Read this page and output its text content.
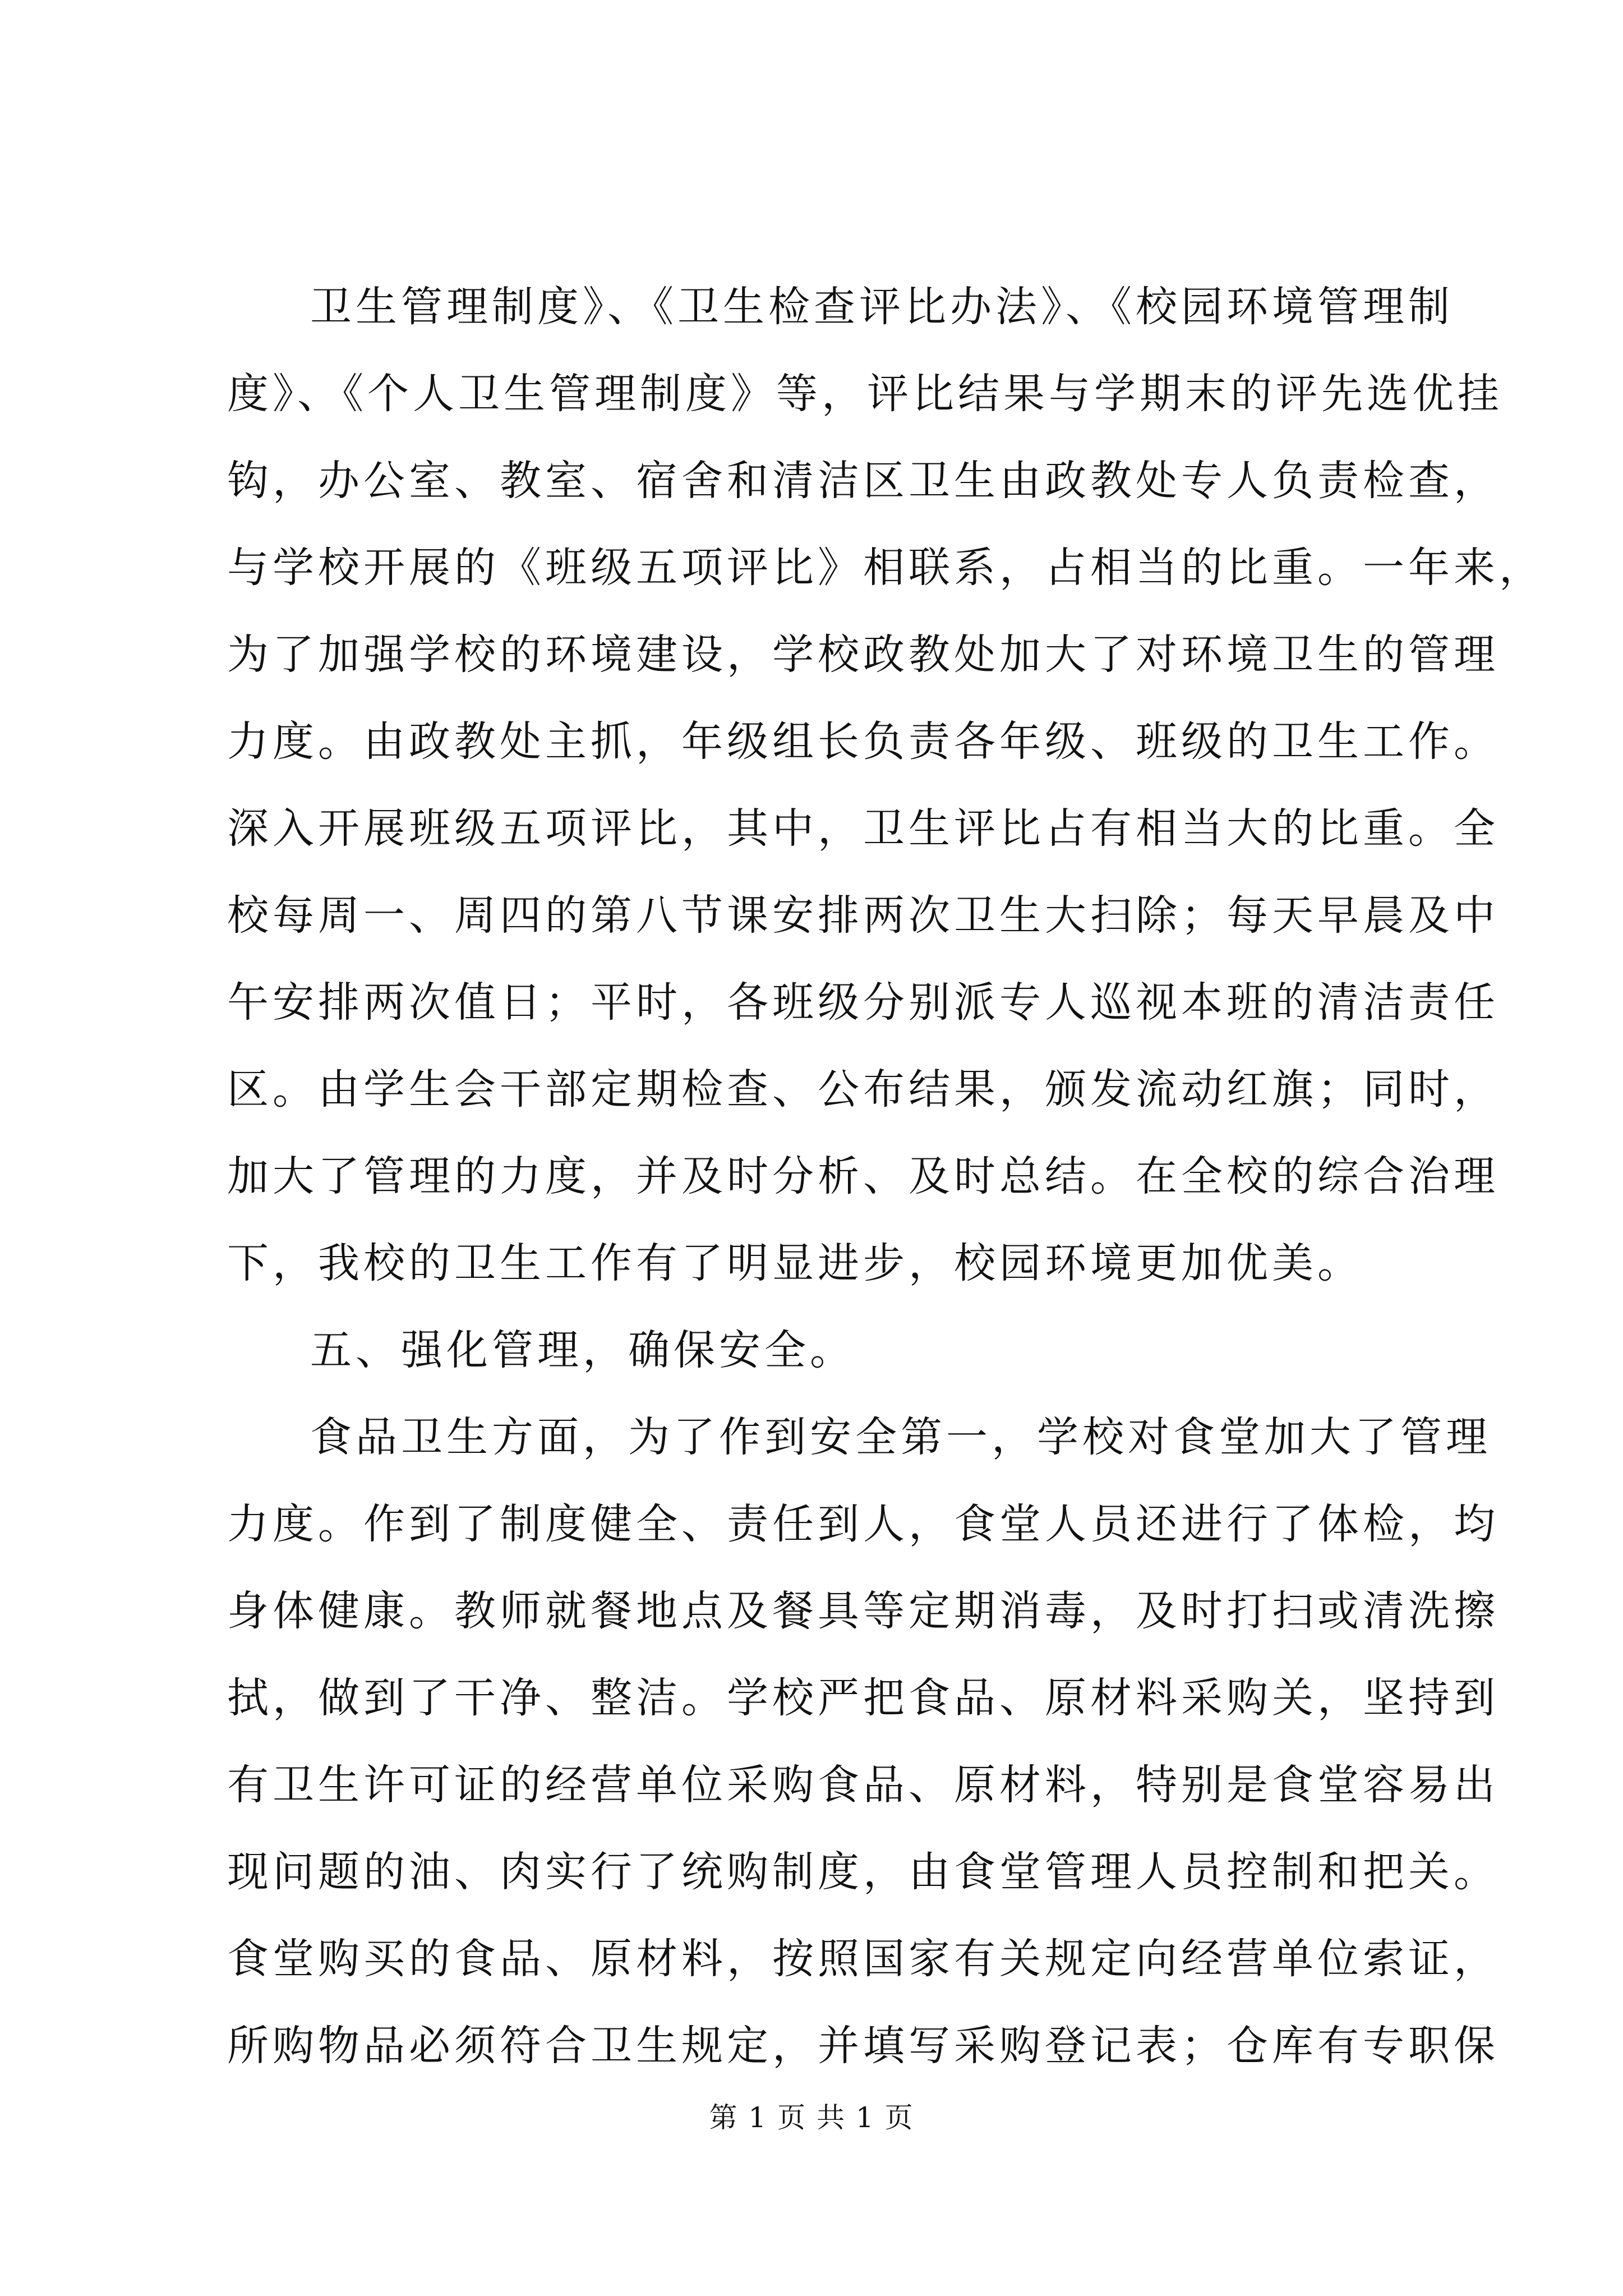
卫生管理制度》、《卫生检查评比办法》、《校园环境管理制
度》、《个人卫生管理制度》等，评比结果与学期末的评先选优挂
钩，办公室、教室、宿舍和清洁区卫生由政教处专人负责检查，
与学校开展的《班级五项评比》相联系，占相当的比重。一年来，
为了加强学校的环境建设，学校政教处加大了对环境卫生的管理
力度。由政教处主抓，年级组长负责各年级、班级的卫生工作。
深入开展班级五项评比，其中，卫生评比占有相当大的比重。全
校每周一、周四的第八节课安排两次卫生大扫除；每天早晨及中
午安排两次值日；平时，各班级分别派专人巡视本班的清洁责任
区。由学生会干部定期检查、公布结果，颁发流动红旗；同时，
加大了管理的力度，并及时分析、及时总结。在全校的综合治理
下，我校的卫生工作有了明显进步，校园环境更加优美。

五、强化管理，确保安全。

食品卫生方面，为了作到安全第一，学校对食堂加大了管理
力度。作到了制度健全、责任到人，食堂人员还进行了体检，均
身体健康。教师就餐地点及餐具等定期消毒，及时打扫或清洗擦
拭，做到了干净、整洁。学校严把食品、原材料采购关，坚持到
有卫生许可证的经营单位采购食品、原材料，特别是食堂容易出
现问题的油、肉实行了统购制度，由食堂管理人员控制和把关。
食堂购买的食品、原材料，按照国家有关规定向经营单位索证，
所购物品必须符合卫生规定，并填写采购登记表；仓库有专职保

第 1 页 共 1 页
